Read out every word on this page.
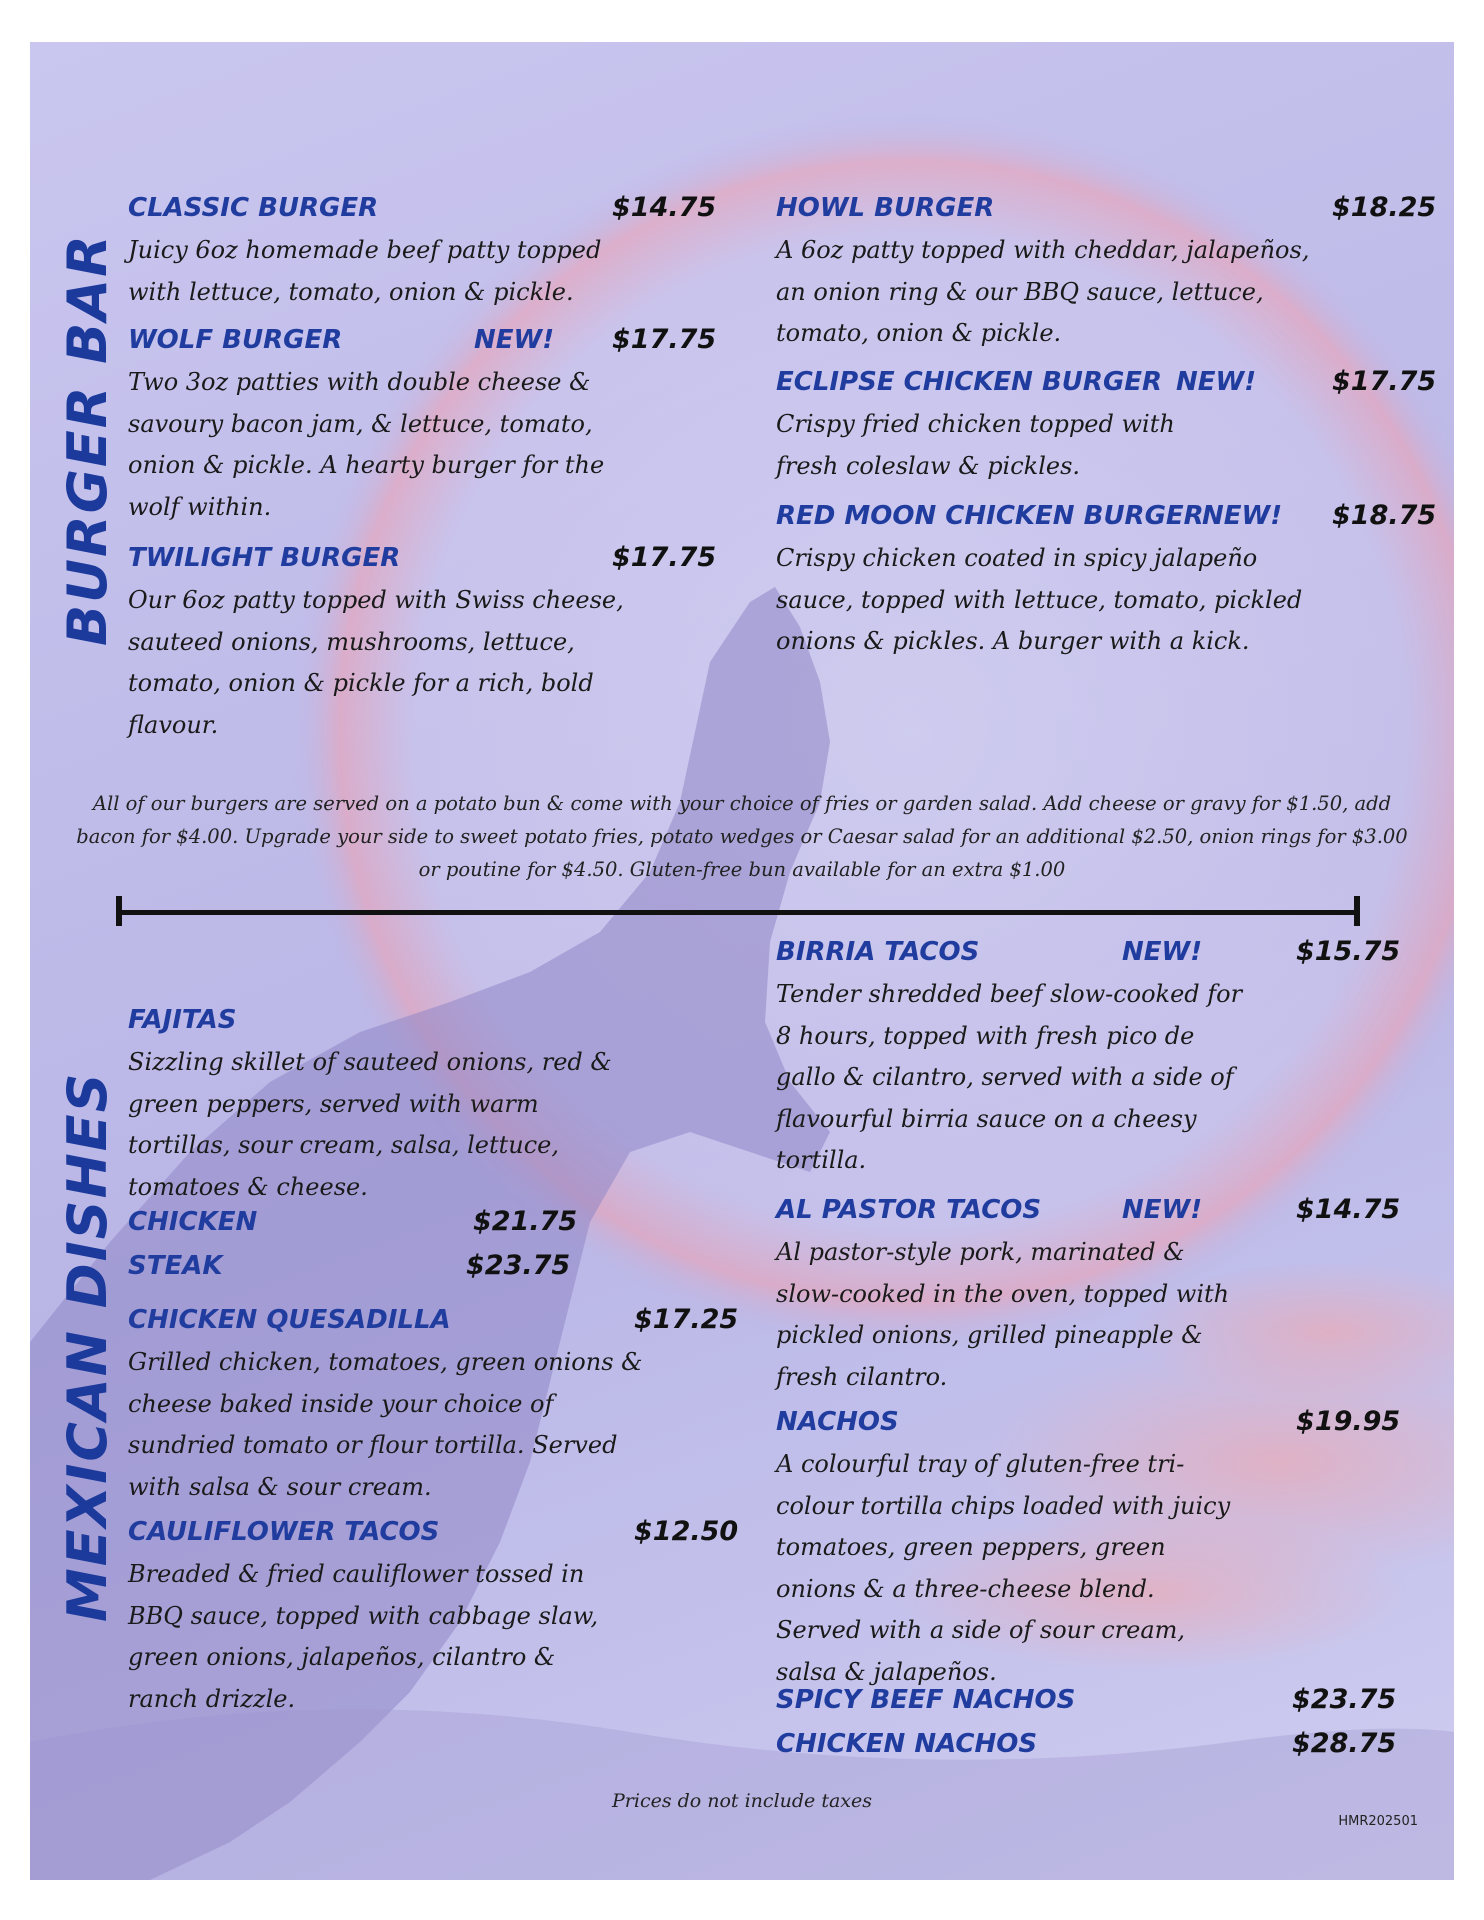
BURGER BAR
MEXICAN DISHES
CLASSIC BURGER	$14.75
Juicy 6oz homemade beef patty topped with lettuce, tomato, onion & pickle.
WOLF BURGER	NEW! $17.75
Two 3oz patties with double cheese & savoury bacon jam, & lettuce, tomato, onion & pickle. A hearty burger for the wolf within.
TWILIGHT BURGER	$17.75
Our 6oz patty topped with Swiss cheese, sauteed onions, mushrooms, lettuce, tomato, onion & pickle for a rich, bold flavour.
HOWL BURGER	$18.25
A 6oz patty topped with cheddar, jalapeños, an onion ring & our BBQ sauce, lettuce, tomato, onion & pickle.
ECLIPSE CHICKEN BURGER NEW!	$17.75
Crispy fried chicken topped with fresh coleslaw & pickles.
RED MOON CHICKEN BURGER
NEW! $18.75
Crispy chicken coated in spicy jalapeño sauce, topped with lettuce, tomato, pickled onions & pickles. A burger with a kick.
All of our burgers are served on a potato bun & come with your choice of fries or garden salad. Add cheese or gravy for $1.50, add bacon for $4.00. Upgrade your side to sweet potato fries, potato wedges or Caesar salad for an additional $2.50, onion rings for $3.00 or poutine for $4.50. Gluten-free bun available for an extra $1.00
FAJITAS
Sizzling skillet of sauteed onions, red & green peppers, served with warm tortillas, sour cream, salsa, lettuce, tomatoes & cheese.
CHICKEN	$21.75
STEAK	$23.75
CHICKEN QUESADILLA	$17.25
Grilled chicken, tomatoes, green onions & cheese baked inside your choice of sundried tomato or flour tortilla. Served with salsa & sour cream.
CAULIFLOWER TACOS	$12.50
Breaded & fried cauliflower tossed in BBQ sauce, topped with cabbage slaw, green onions, jalapeños, cilantro & ranch drizzle.
BIRRIA TACOS	NEW!	$15.75
Tender shredded beef slow-cooked for 8 hours, topped with fresh pico de gallo & cilantro, served with a side of flavourful birria sauce on a cheesy tortilla.
AL PASTOR TACOS	NEW!	$14.75
Al pastor-style pork, marinated & slow-cooked in the oven, topped with pickled onions, grilled pineapple & fresh cilantro.
NACHOS	$19.95
A colourful tray of gluten-free tri-colour tortilla chips loaded with juicy tomatoes, green peppers, green onions & a three-cheese blend. Served with a side of sour cream, salsa & jalapeños.
SPICY BEEF NACHOS	$23.75
CHICKEN NACHOS	$28.75
Prices do not include taxes
HMR202501
